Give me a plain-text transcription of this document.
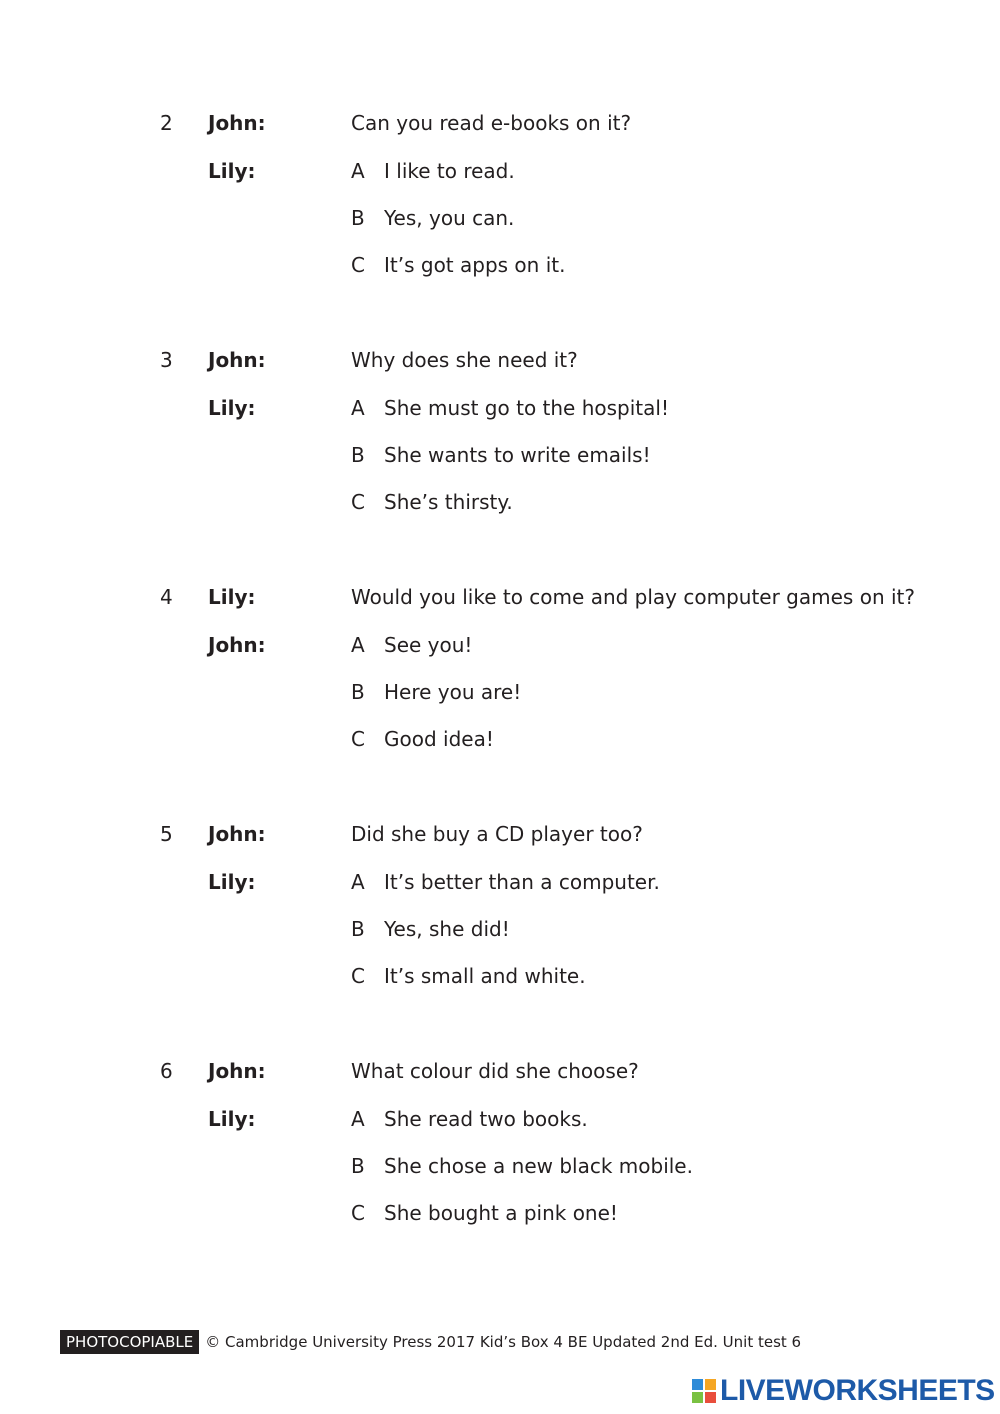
2 John:	Can you read e-books on it?
Lily:	A I like to read.
B Yes, you can.
C It’s got apps on it.
3 John:	Why does she need it?
Lily:	A She must go to the hospital!
B She wants to write emails!
C She’s thirsty.
4 Lily:	Would you like to come and play computer games on it?
John:	A See you!
B Here you are!
C Good idea!
5 John:	Did she buy a CD player too?
Lily:	A It’s better than a computer.
B Yes, she did!
C It’s small and white.
6 John:	What colour did she choose?
Lily:	A She read two books.
B She chose a new black mobile.
C She bought a pink one!
PHOTOCOPIABLE © Cambridge University Press 2017 Kid’s Box 4 BE Updated 2nd Ed. Unit test 6
LIVEWORKSHEETS
